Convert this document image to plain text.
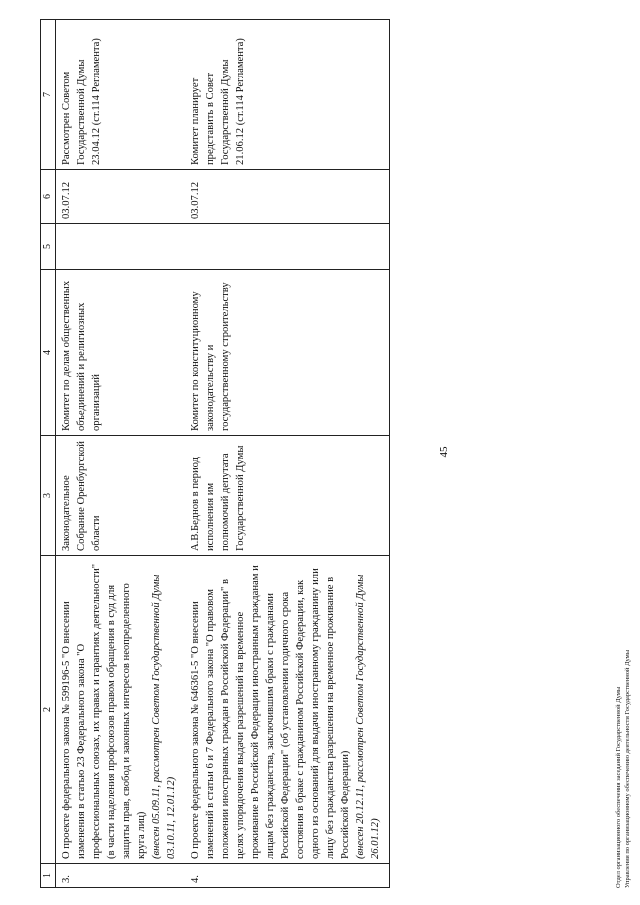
45
1	2	3	4	5	6	7
3.	О проекте федерального закона № 599196-5 "О внесении изменения в статью 23 Федерального закона "О профессиональных союзах, их правах и гарантиях деятельности" (в части наделения профсоюзов правом обращения в суд для защиты прав, свобод и законных интересов неопределенного круга лиц) (внесен 05.09.11, рассмотрен Советом Государственной Думы 03.10.11, 12.01.12)	Законодательное Собрание Оренбургской области	Комитет по делам общественных объединений и религиозных организаций		03.07.12	Рассмотрен Советом Государственной Думы 23.04.12 (ст.114 Регламента)
4.	О проекте федерального закона № 646361-5 "О внесении изменений в статьи 6 и 7 Федерального закона "О правовом положении иностранных граждан в Российской Федерации" в целях упорядочения выдачи разрешений на временное проживание в Российской Федерации иностранным гражданам и лицам без гражданства, заключившим браки с гражданами Российской Федерации" (об установлении годичного срока состояния в браке с гражданином Российской Федерации, как одного из оснований для выдачи иностранному гражданину или лицу без гражданства разрешения на временное проживание в Российской Федерации) (внесен 20.12.11, рассмотрен Советом Государственной Думы 26.01.12)	А.В.Беднов в период исполнения им полномочий депутата Государственной Думы	Комитет по конституционному законодательству и государственному строительству		03.07.12	Комитет планирует представить в Совет Государственной Думы 21.06.12 (ст.114 Регламента)
Отдел организационного обеспечения заседаний Государственной Думы Управления по организационному обеспечению деятельности Государственной Думы
